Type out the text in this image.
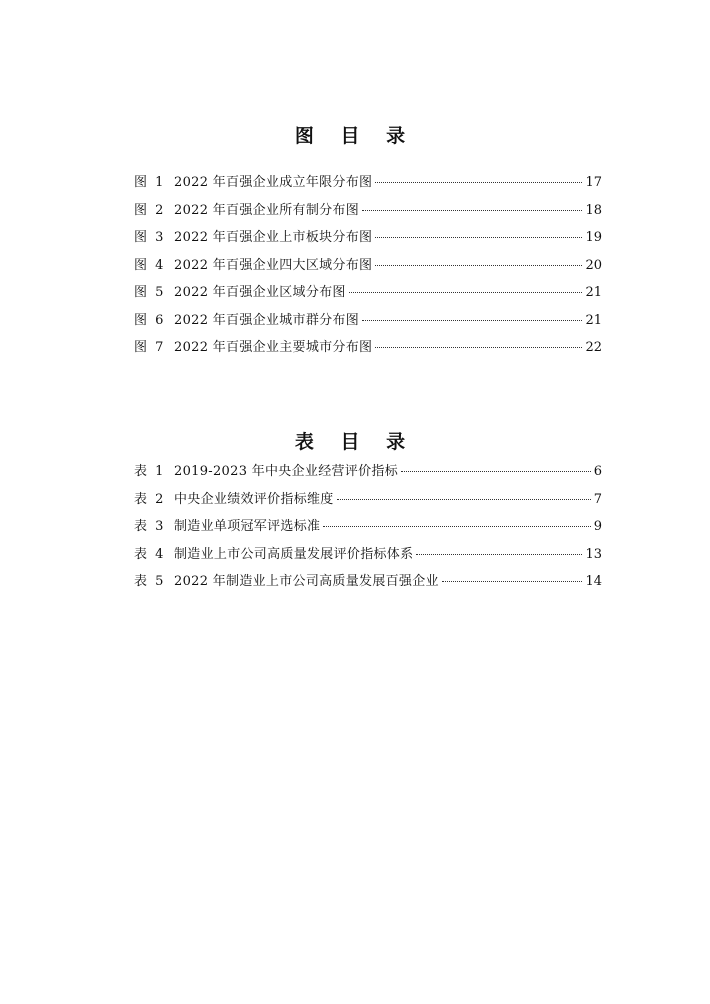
图 目 录
图 1 2022 年百强企业成立年限分布图	17
图 2 2022 年百强企业所有制分布图	18
图 3 2022 年百强企业上市板块分布图	19
图 4 2022 年百强企业四大区域分布图	20
图 5 2022 年百强企业区域分布图	21
图 6 2022 年百强企业城市群分布图	21
图 7 2022 年百强企业主要城市分布图	22
表 目 录
表 1 2019-2023 年中央企业经营评价指标	6
表 2 中央企业绩效评价指标维度	7
表 3 制造业单项冠军评选标准	9
表 4 制造业上市公司高质量发展评价指标体系	13
表 5 2022 年制造业上市公司高质量发展百强企业	14
